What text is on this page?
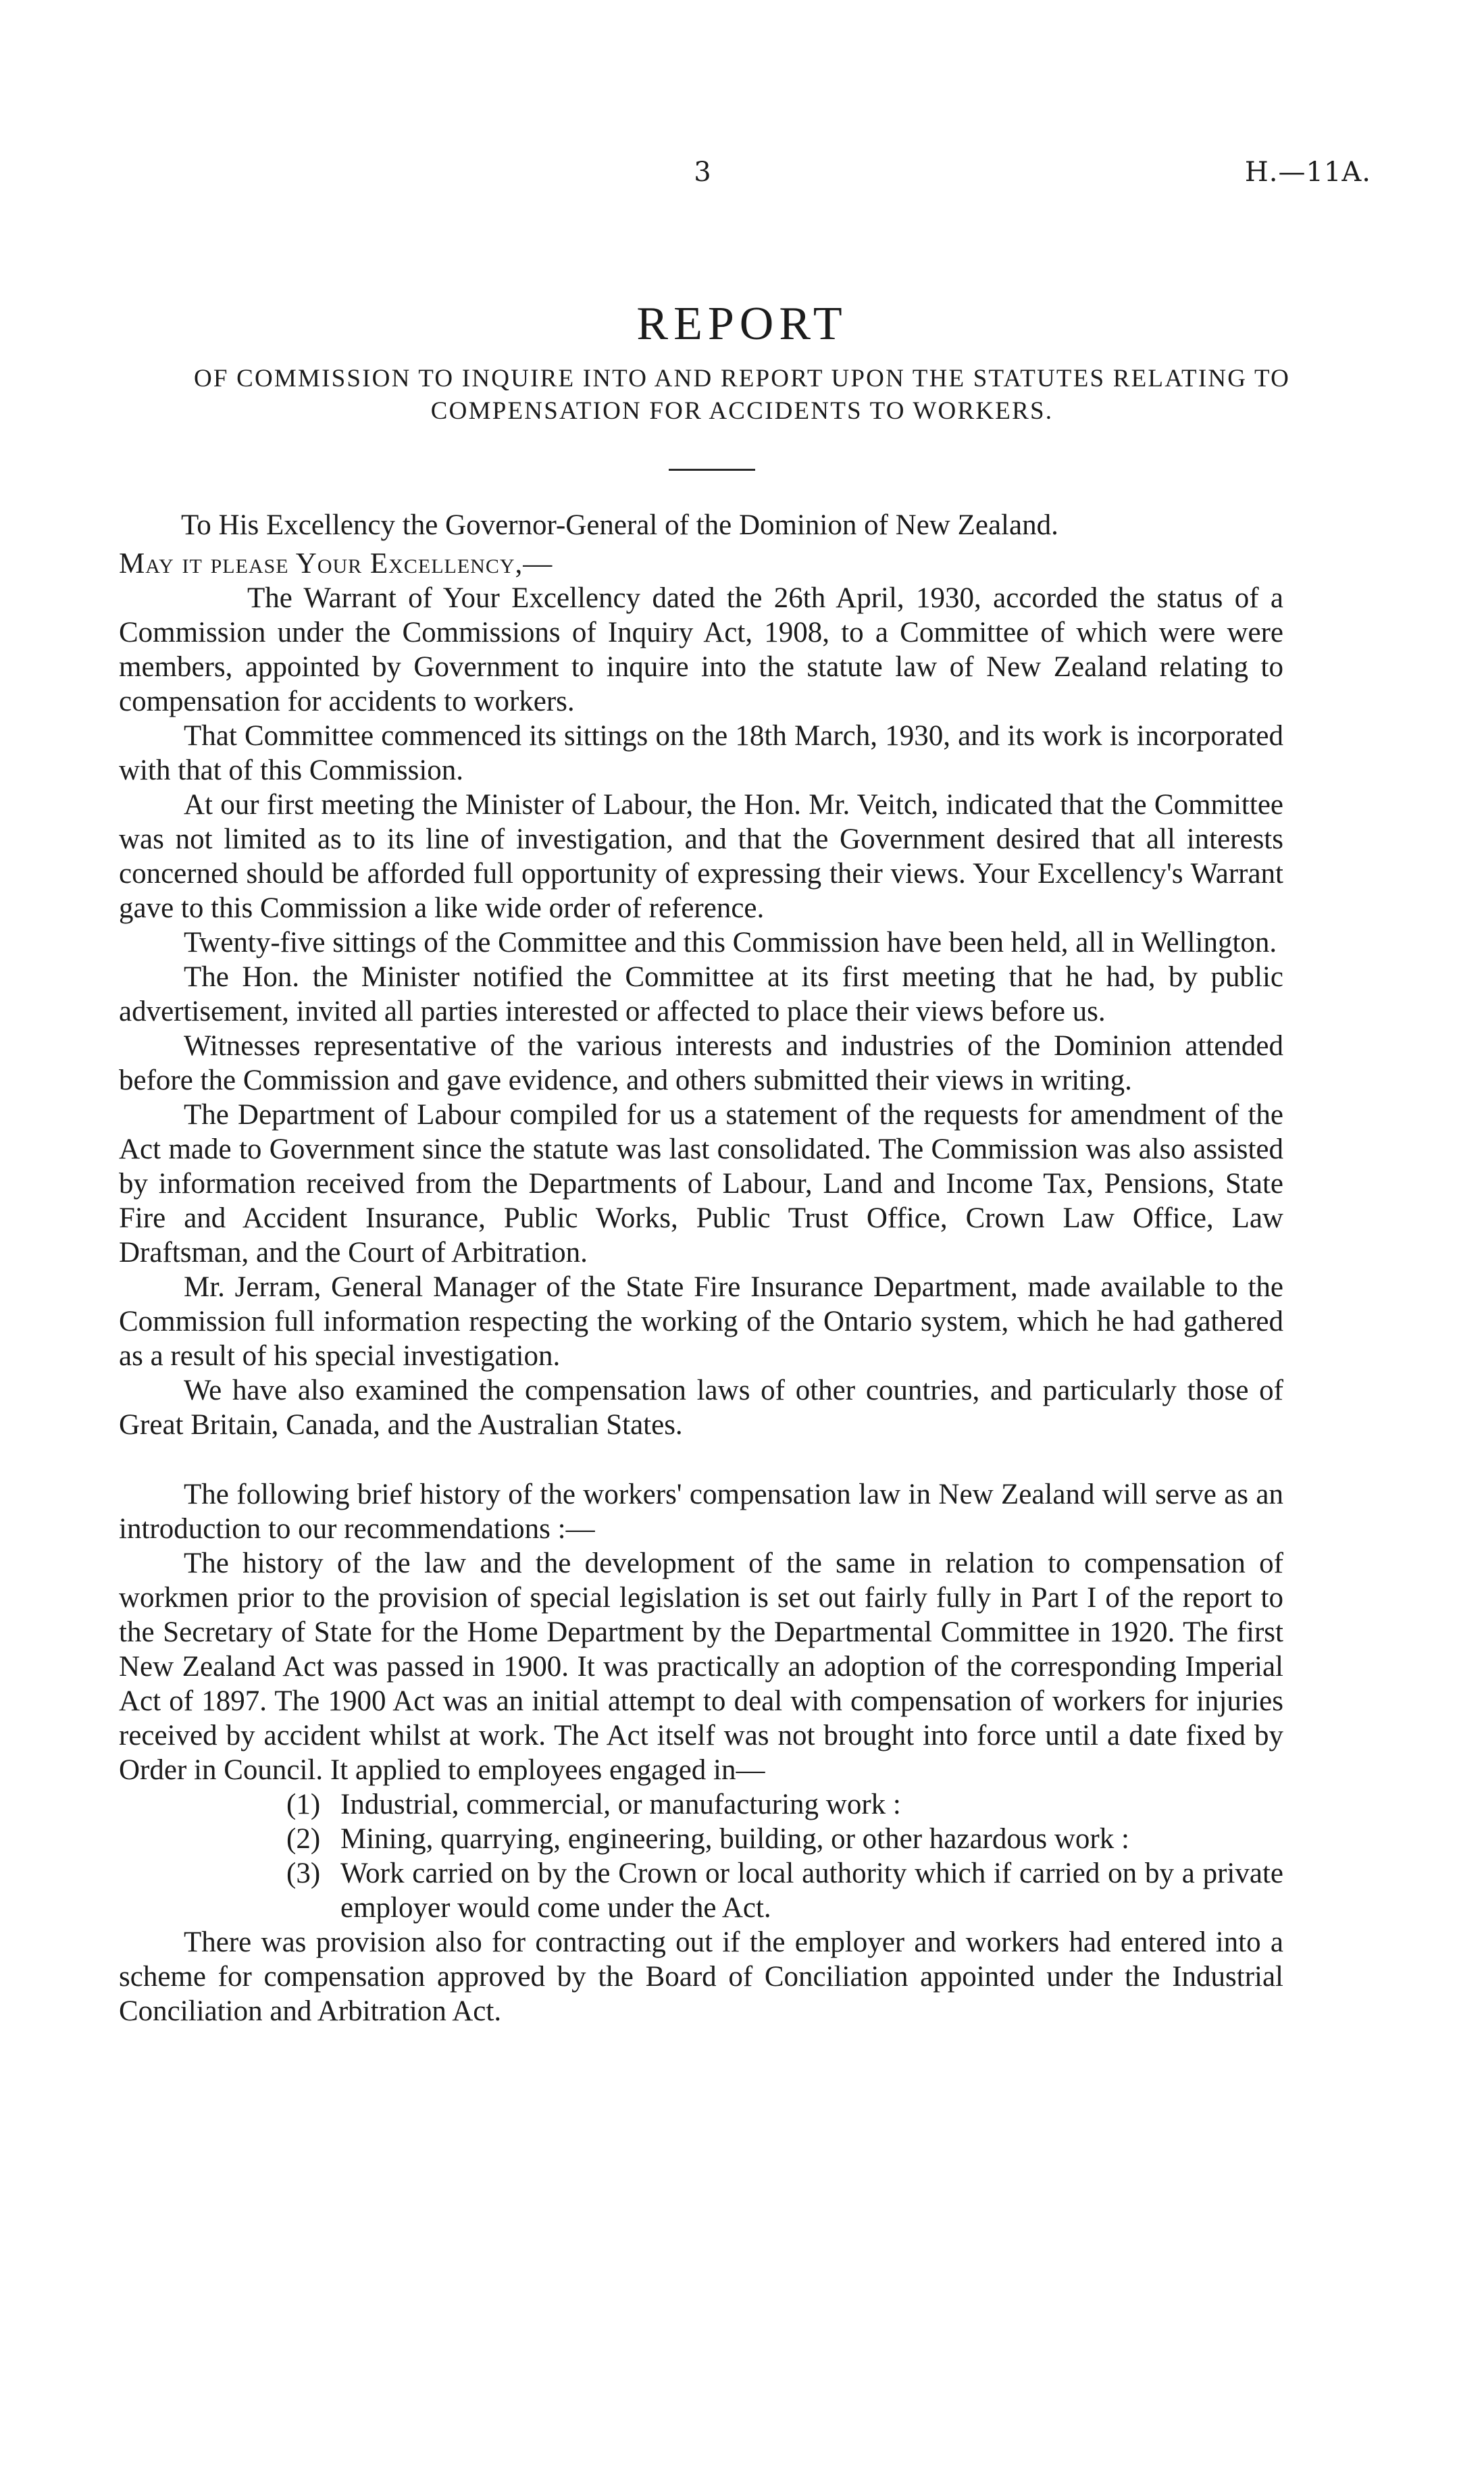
3	H.—11A.
REPORT
OF COMMISSION TO INQUIRE INTO AND REPORT UPON THE STATUTES RELATING TO COMPENSATION FOR ACCIDENTS TO WORKERS.

To His Excellency the Governor-General of the Dominion of New Zealand.

May it please Your Excellency,—

The Warrant of Your Excellency dated the 26th April, 1930, accorded the status of a Commission under the Commissions of Inquiry Act, 1908, to a Committee of which were were members, appointed by Government to inquire into the statute law of New Zealand relating to compensation for accidents to workers.

That Committee commenced its sittings on the 18th March, 1930, and its work is incorporated with that of this Commission.

At our first meeting the Minister of Labour, the Hon. Mr. Veitch, indicated that the Committee was not limited as to its line of investigation, and that the Government desired that all interests concerned should be afforded full opportunity of expressing their views. Your Excellency's Warrant gave to this Commission a like wide order of reference.

Twenty-five sittings of the Committee and this Commission have been held, all in Wellington.

The Hon. the Minister notified the Committee at its first meeting that he had, by public advertisement, invited all parties interested or affected to place their views before us.

Witnesses representative of the various interests and industries of the Dominion attended before the Commission and gave evidence, and others submitted their views in writing.

The Department of Labour compiled for us a statement of the requests for amendment of the Act made to Government since the statute was last consolidated. The Commission was also assisted by information received from the Departments of Labour, Land and Income Tax, Pensions, State Fire and Accident Insurance, Public Works, Public Trust Office, Crown Law Office, Law Draftsman, and the Court of Arbitration.

Mr. Jerram, General Manager of the State Fire Insurance Department, made available to the Commission full information respecting the working of the Ontario system, which he had gathered as a result of his special investigation.

We have also examined the compensation laws of other countries, and particularly those of Great Britain, Canada, and the Australian States.

The following brief history of the workers' compensation law in New Zealand will serve as an introduction to our recommendations :—

The history of the law and the development of the same in relation to compensation of workmen prior to the provision of special legislation is set out fairly fully in Part I of the report to the Secretary of State for the Home Department by the Departmental Committee in 1920. The first New Zealand Act was passed in 1900. It was practically an adoption of the corresponding Imperial Act of 1897. The 1900 Act was an initial attempt to deal with compensation of workers for injuries received by accident whilst at work. The Act itself was not brought into force until a date fixed by Order in Council. It applied to employees engaged in—

(1) Industrial, commercial, or manufacturing work :

(2) Mining, quarrying, engineering, building, or other hazardous work :

(3) Work carried on by the Crown or local authority which if carried on by a private employer would come under the Act.

There was provision also for contracting out if the employer and workers had entered into a scheme for compensation approved by the Board of Conciliation appointed under the Industrial Conciliation and Arbitration Act.
